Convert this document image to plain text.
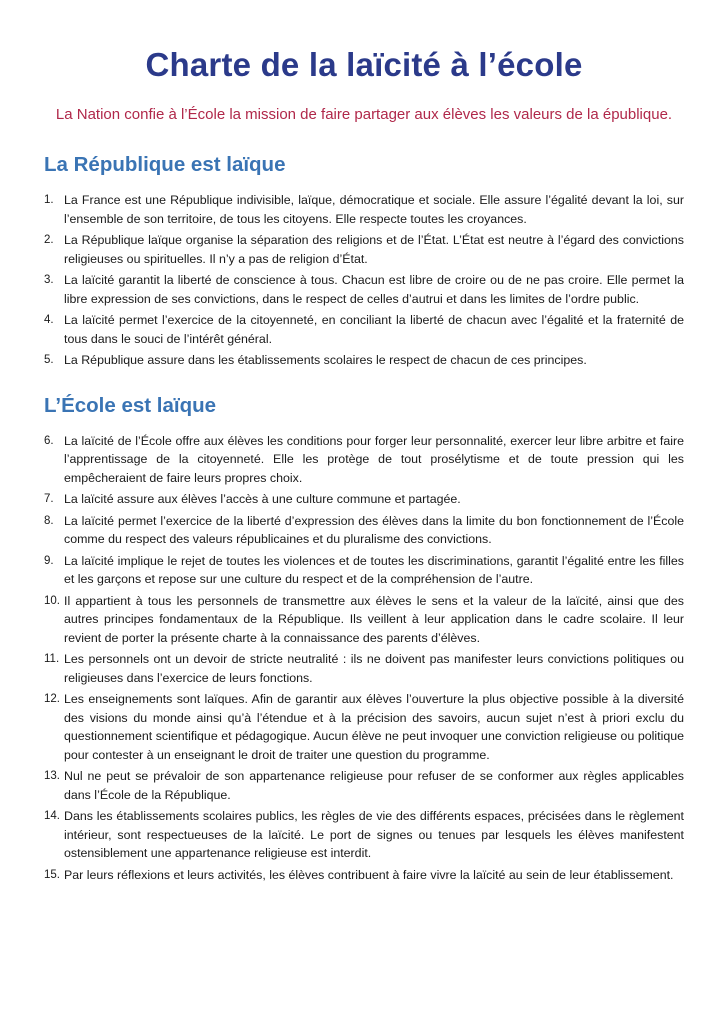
Charte de la laïcité à l’école

La Nation confie à l’École la mission de faire partager aux élèves les valeurs de la épublique.

La République est laïque
1. La France est une République indivisible, laïque, démocratique et sociale. Elle assure l’égalité devant la loi, sur l’ensemble de son territoire, de tous les citoyens. Elle respecte toutes les croyances.
2. La République laïque organise la séparation des religions et de l’État. L’État est neutre à l’égard des convictions religieuses ou spirituelles. Il n’y a pas de religion d’État.
3. La laïcité garantit la liberté de conscience à tous. Chacun est libre de croire ou de ne pas croire. Elle permet la libre expression de ses convictions, dans le respect de celles d’autrui et dans les limites de l’ordre public.
4. La laïcité permet l’exercice de la citoyenneté, en conciliant la liberté de chacun avec l’égalité et la fraternité de tous dans le souci de l’intérêt général.
5. La République assure dans les établissements scolaires le respect de chacun de ces principes.
L’École est laïque
6. La laïcité de l’École offre aux élèves les conditions pour forger leur personnalité, exercer leur libre arbitre et faire l’apprentissage de la citoyenneté. Elle les protège de tout prosélytisme et de toute pression qui les empêcheraient de faire leurs propres choix.
7. La laïcité assure aux élèves l’accès à une culture commune et partagée.
8. La laïcité permet l’exercice de la liberté d’expression des élèves dans la limite du bon fonctionnement de l’École comme du respect des valeurs républicaines et du pluralisme des convictions.
9. La laïcité implique le rejet de toutes les violences et de toutes les discriminations, garantit l’égalité entre les filles et les garçons et repose sur une culture du respect et de la compréhension de l’autre.
10. Il appartient à tous les personnels de transmettre aux élèves le sens et la valeur de la laïcité, ainsi que des autres principes fondamentaux de la République. Ils veillent à leur application dans le cadre scolaire. Il leur revient de porter la présente charte à la connaissance des parents d’élèves.
11. Les personnels ont un devoir de stricte neutralité : ils ne doivent pas manifester leurs convictions politiques ou religieuses dans l’exercice de leurs fonctions.
12. Les enseignements sont laïques. Afin de garantir aux élèves l’ouverture la plus objective possible à la diversité des visions du monde ainsi qu’à l’étendue et à la précision des savoirs, aucun sujet n’est à priori exclu du questionnement scientifique et pédagogique. Aucun élève ne peut invoquer une conviction religieuse ou politique pour contester à un enseignant le droit de traiter une question du programme.
13. Nul ne peut se prévaloir de son appartenance religieuse pour refuser de se conformer aux règles applicables dans l’École de la République.
14. Dans les établissements scolaires publics, les règles de vie des différents espaces, précisées dans le règlement intérieur, sont respectueuses de la laïcité. Le port de signes ou tenues par lesquels les élèves manifestent ostensiblement une appartenance religieuse est interdit.
15. Par leurs réflexions et leurs activités, les élèves contribuent à faire vivre la laïcité au sein de leur établissement.
